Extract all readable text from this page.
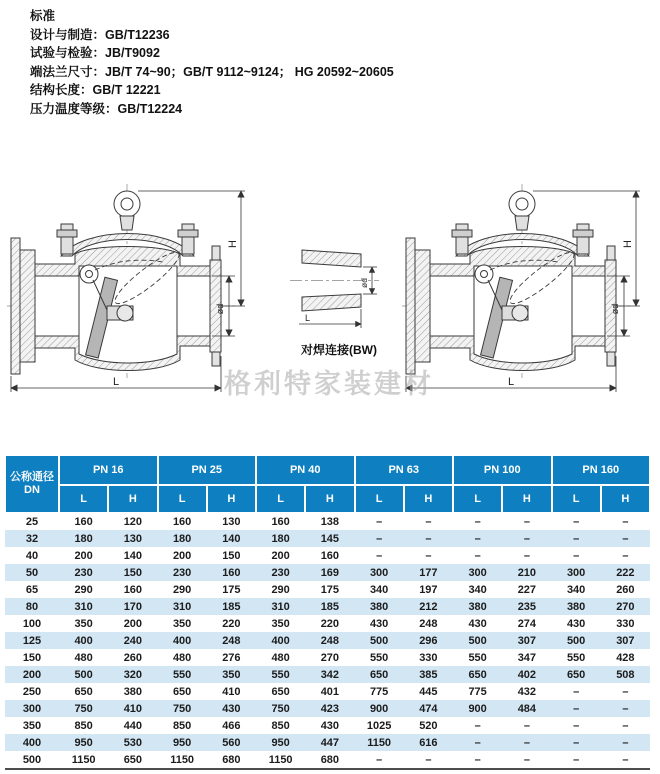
标准
设计与制造：GB/T12236
试验与检验：JB/T9092
端法兰尺寸：JB/T 74~90；GB/T 9112~9124； HG 20592~20605
结构长度：GB/T 12221
压力温度等级：GB/T12224
H
ød
L
ød
L
对焊连接(BW)
H
ød
L
格利特家装建材
公称通径
DN	PN 16		PN 25		PN 40		PN 63		PN 100		PN 160	
	L	H	L	H	L	H	L	H	L	H	L	H
25	160	120	160	130	160	138	–	–	–	–	–	–
32	180	130	180	140	180	145	–	–	–	–	–	–
40	200	140	200	150	200	160	–	–	–	–	–	–
50	230	150	230	160	230	169	300	177	300	210	300	222
65	290	160	290	175	290	175	340	197	340	227	340	260
80	310	170	310	185	310	185	380	212	380	235	380	270
100	350	200	350	220	350	220	430	248	430	274	430	330
125	400	240	400	248	400	248	500	296	500	307	500	307
150	480	260	480	276	480	270	550	330	550	347	550	428
200	500	320	550	350	550	342	650	385	650	402	650	508
250	650	380	650	410	650	401	775	445	775	432	–	–
300	750	410	750	430	750	423	900	474	900	484	–	–
350	850	440	850	466	850	430	1025	520	–	–	–	–
400	950	530	950	560	950	447	1150	616	–	–	–	–
500	1150	650	1150	680	1150	680	–	–	–	–	–	–
